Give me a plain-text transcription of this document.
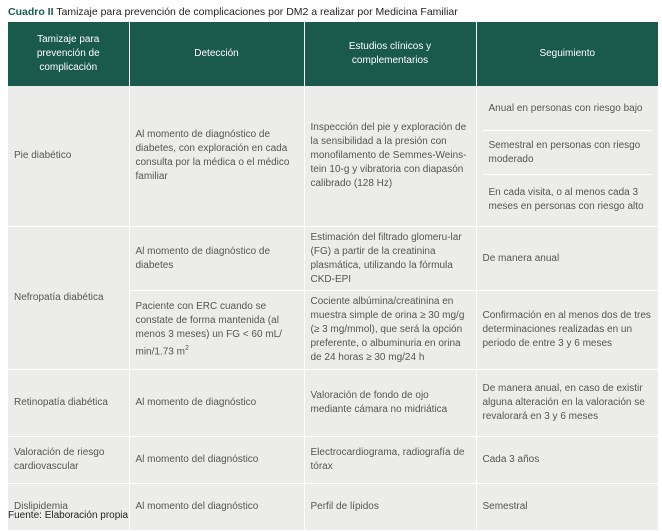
Cuadro II Tamizaje para prevención de complicaciones por DM2 a realizar por Medicina Familiar
Tamizaje para prevención de complicación	Detección	Estudios clínicos y complementarios	Seguimiento
Pie diabético	Al momento de diagnóstico de diabetes, con exploración en cada consulta por la médica o el médico familiar	Inspección del pie y exploración de la sensibilidad a la presión con monofilamento de Semmes-Weins-tein 10-g y vibratoria con diapasón calibrado (128 Hz)	Anual en personas con riesgo bajo
Semestral en personas con riesgo moderado
En cada visita, o al menos cada 3 meses en personas con riesgo alto

Nefropatía diabética	Al momento de diagnóstico de diabetes	Estimación del filtrado glomeru-lar (FG) a partir de la creatinina plasmática, utilizando la fórmula CKD-EPI	De manera anual
	Paciente con ERC cuando se constate de forma mantenida (al menos 3 meses) un FG < 60 mL/ min/1.73 $m^2$	Cociente albúmina/creatinina en muestra simple de orina ≥ 30 mg/g (≥ 3 mg/mmol), que será la opción preferente, o albuminuria en orina de 24 horas ≥ 30 mg/24 h	Confirmación en al menos dos de tres determinaciones realizadas en un periodo de entre 3 y 6 meses
Retinopatía diabética	Al momento de diagnóstico	Valoración de fondo de ojo mediante cámara no midriática	De manera anual, en caso de existir alguna alteración en la valoración se revalorará en 3 y 6 meses
Valoración de riesgo cardiovascular	Al momento del diagnóstico	Electrocardiograma, radiografía de tórax	Cada 3 años
Dislipidemia	Al momento del diagnóstico	Perfil de lípidos	Semestral
Fuente: Elaboración propia
